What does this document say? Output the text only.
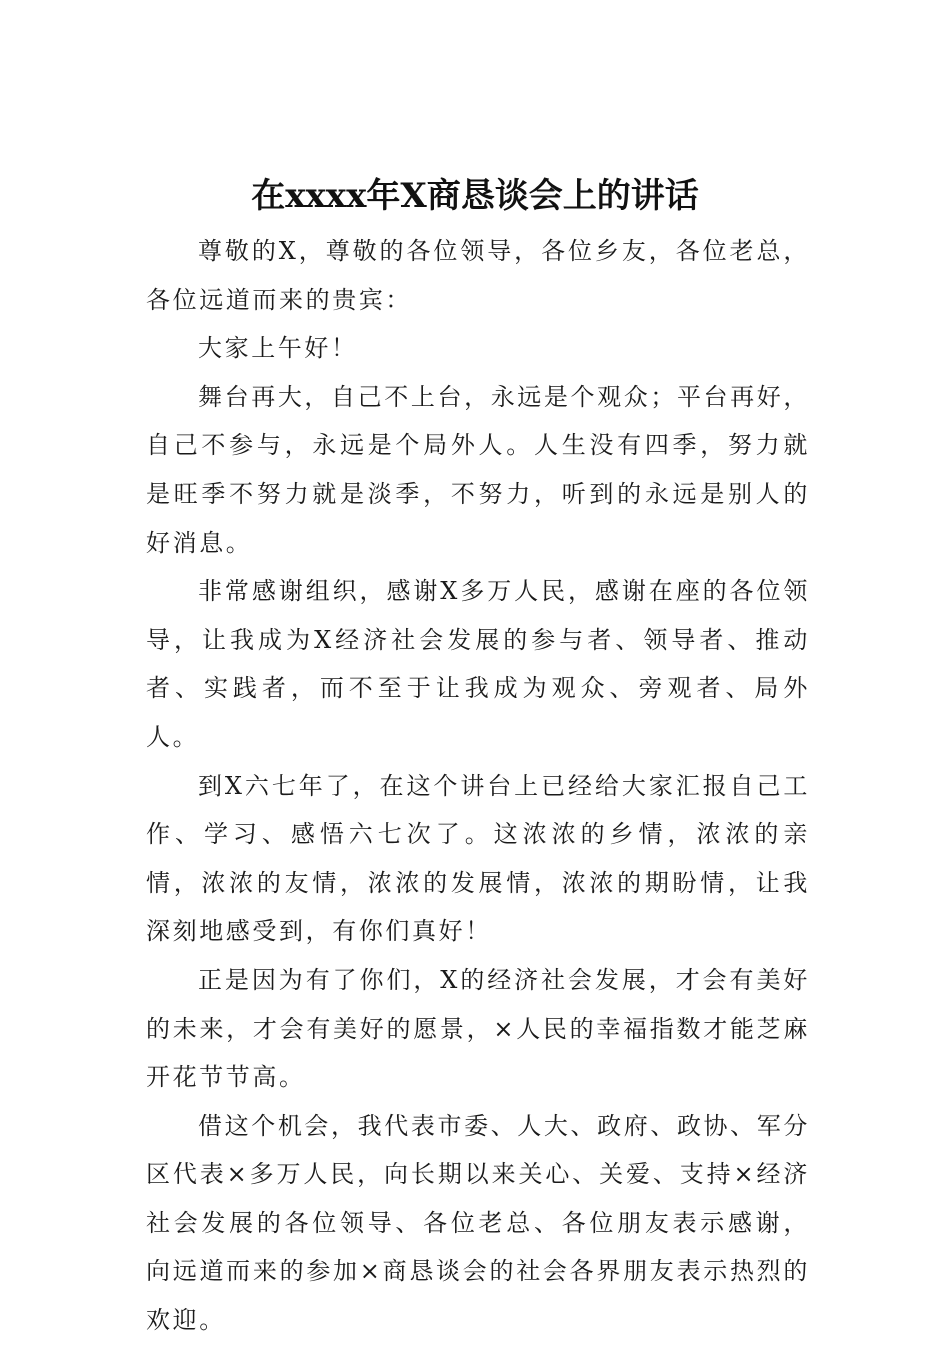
在xxxx年X商恳谈会上的讲话

尊敬的X，尊敬的各位领导，各位乡友，各位老总，各位远道而来的贵宾：

大家上午好！

舞台再大，自己不上台，永远是个观众；平台再好，自己不参与，永远是个局外人。人生没有四季，努力就是旺季不努力就是淡季，不努力，听到的永远是别人的好消息。

非常感谢组织，感谢X多万人民，感谢在座的各位领导，让我成为X经济社会发展的参与者、领导者、推动者、实践者，而不至于让我成为观众、旁观者、局外人。

到X六七年了，在这个讲台上已经给大家汇报自己工作、学习、感悟六七次了。这浓浓的乡情，浓浓的亲情，浓浓的友情，浓浓的发展情，浓浓的期盼情，让我深刻地感受到，有你们真好！

正是因为有了你们，X的经济社会发展，才会有美好的未来，才会有美好的愿景，×人民的幸福指数才能芝麻开花节节高。

借这个机会，我代表市委、人大、政府、政协、军分区代表×多万人民，向长期以来关心、关爱、支持×经济社会发展的各位领导、各位老总、各位朋友表示感谢，向远道而来的参加×商恳谈会的社会各界朋友表示热烈的欢迎。
